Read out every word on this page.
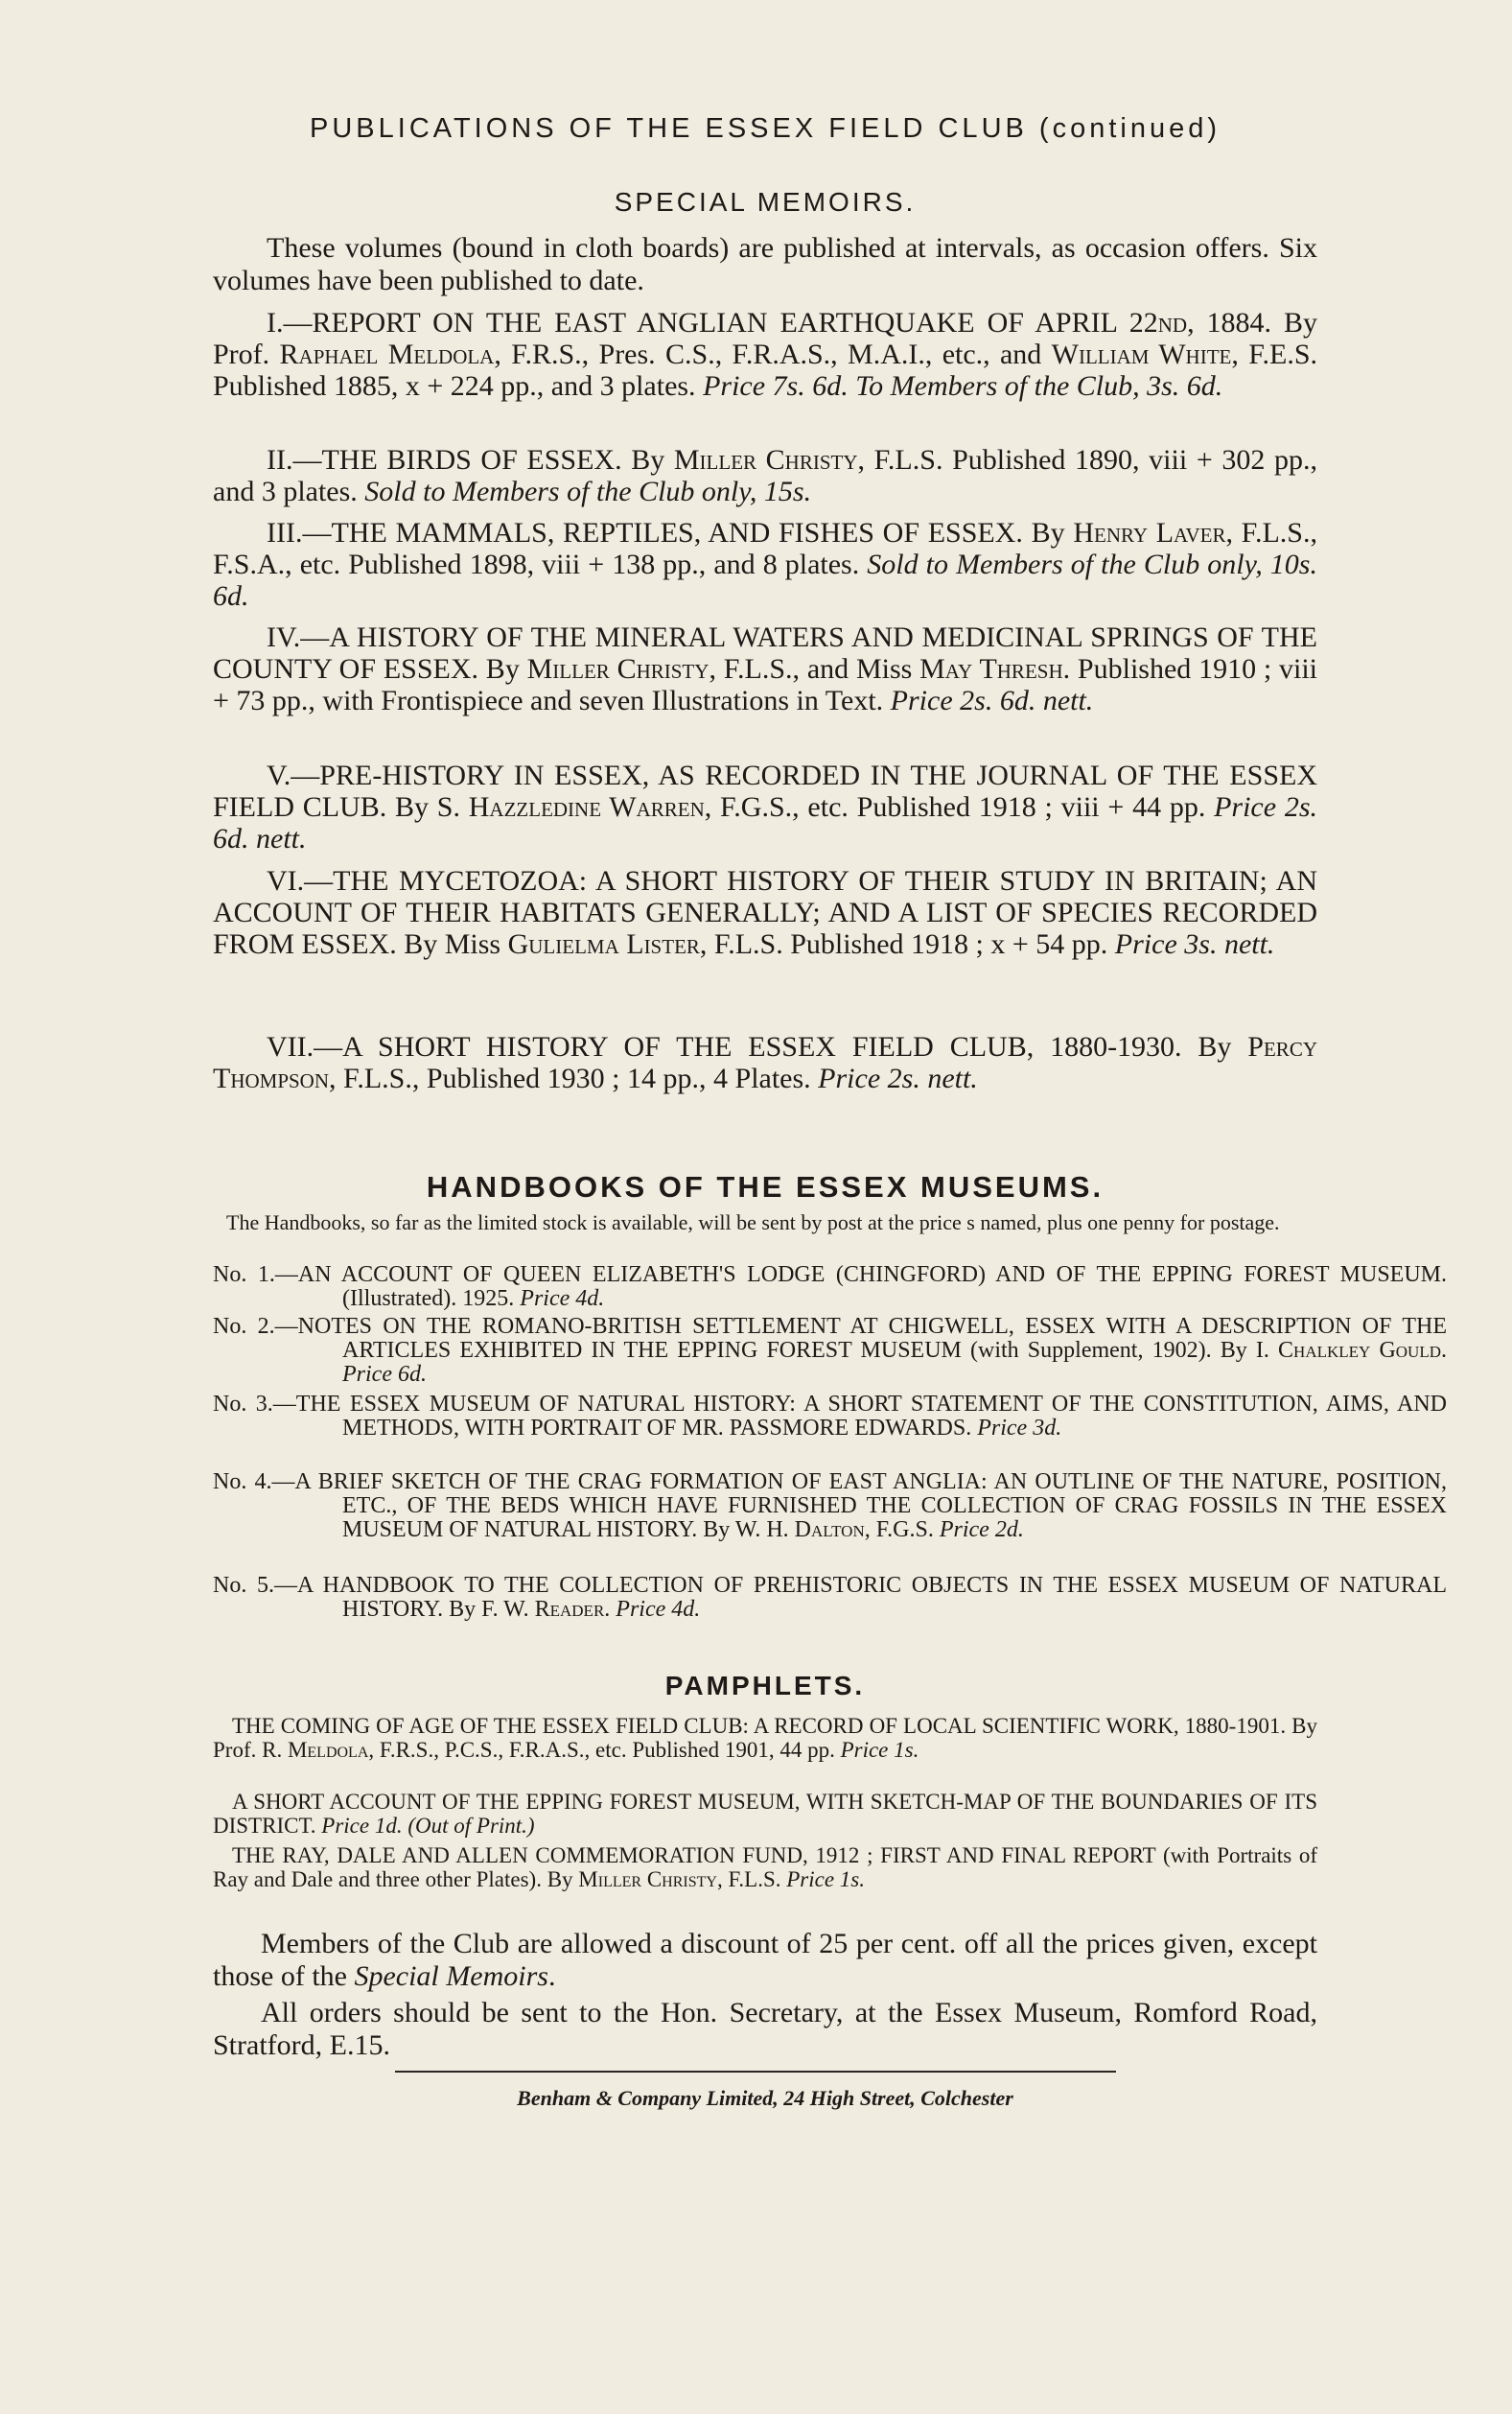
PUBLICATIONS OF THE ESSEX FIELD CLUB (continued)
SPECIAL MEMOIRS.

These volumes (bound in cloth boards) are published at intervals, as occasion offers. Six volumes have been published to date.

I.—REPORT ON THE EAST ANGLIAN EARTHQUAKE OF APRIL 22nd, 1884. By Prof. Raphael Meldola, F.R.S., Pres. C.S., F.R.A.S., M.A.I., etc., and William White, F.E.S. Published 1885, x + 224 pp., and 3 plates. Price 7s. 6d. To Members of the Club, 3s. 6d.

II.—THE BIRDS OF ESSEX. By Miller Christy, F.L.S. Published 1890, viii + 302 pp., and 3 plates. Sold to Members of the Club only, 15s.

III.—THE MAMMALS, REPTILES, AND FISHES OF ESSEX. By Henry Laver, F.L.S., F.S.A., etc. Published 1898, viii + 138 pp., and 8 plates. Sold to Members of the Club only, 10s. 6d.

IV.—A HISTORY OF THE MINERAL WATERS AND MEDICINAL SPRINGS OF THE COUNTY OF ESSEX. By Miller Christy, F.L.S., and Miss May Thresh. Published 1910 ; viii + 73 pp., with Frontispiece and seven Illustrations in Text. Price 2s. 6d. nett.

V.—PRE-HISTORY IN ESSEX, AS RECORDED IN THE JOURNAL OF THE ESSEX FIELD CLUB. By S. Hazzledine Warren, F.G.S., etc. Published 1918 ; viii + 44 pp. Price 2s. 6d. nett.

VI.—THE MYCETOZOA: A SHORT HISTORY OF THEIR STUDY IN BRITAIN; AN ACCOUNT OF THEIR HABITATS GENERALLY; AND A LIST OF SPECIES RECORDED FROM ESSEX. By Miss Gulielma Lister, F.L.S. Published 1918 ; x + 54 pp. Price 3s. nett.

VII.—A SHORT HISTORY OF THE ESSEX FIELD CLUB, 1880-1930. By Percy Thompson, F.L.S., Published 1930 ; 14 pp., 4 Plates. Price 2s. nett.

HANDBOOKS OF THE ESSEX MUSEUMS.

The Handbooks, so far as the limited stock is available, will be sent by post at the price s named, plus one penny for postage.

No. 1.—AN ACCOUNT OF QUEEN ELIZABETH'S LODGE (CHINGFORD) AND OF THE EPPING FOREST MUSEUM. (Illustrated). 1925. Price 4d.

No. 2.—NOTES ON THE ROMANO-BRITISH SETTLEMENT AT CHIGWELL, ESSEX WITH A DESCRIPTION OF THE ARTICLES EXHIBITED IN THE EPPING FOREST MUSEUM (with Supplement, 1902). By I. Chalkley Gould. Price 6d.

No. 3.—THE ESSEX MUSEUM OF NATURAL HISTORY: A SHORT STATEMENT OF THE CONSTITUTION, AIMS, AND METHODS, WITH PORTRAIT OF MR. PASSMORE EDWARDS. Price 3d.

No. 4.—A BRIEF SKETCH OF THE CRAG FORMATION OF EAST ANGLIA: AN OUTLINE OF THE NATURE, POSITION, ETC., OF THE BEDS WHICH HAVE FURNISHED THE COLLECTION OF CRAG FOSSILS IN THE ESSEX MUSEUM OF NATURAL HISTORY. By W. H. Dalton, F.G.S. Price 2d.

No. 5.—A HANDBOOK TO THE COLLECTION OF PREHISTORIC OBJECTS IN THE ESSEX MUSEUM OF NATURAL HISTORY. By F. W. Reader. Price 4d.

PAMPHLETS.

THE COMING OF AGE OF THE ESSEX FIELD CLUB: A RECORD OF LOCAL SCIENTIFIC WORK, 1880-1901. By Prof. R. Meldola, F.R.S., P.C.S., F.R.A.S., etc. Published 1901, 44 pp. Price 1s.

A SHORT ACCOUNT OF THE EPPING FOREST MUSEUM, WITH SKETCH-MAP OF THE BOUNDARIES OF ITS DISTRICT. Price 1d. (Out of Print.)

THE RAY, DALE AND ALLEN COMMEMORATION FUND, 1912 ; FIRST AND FINAL REPORT (with Portraits of Ray and Dale and three other Plates). By Miller Christy, F.L.S. Price 1s.

Members of the Club are allowed a discount of 25 per cent. off all the prices given, except those of the Special Memoirs.

All orders should be sent to the Hon. Secretary, at the Essex Museum, Romford Road, Stratford, E.15.

Benham & Company Limited, 24 High Street, Colchester
